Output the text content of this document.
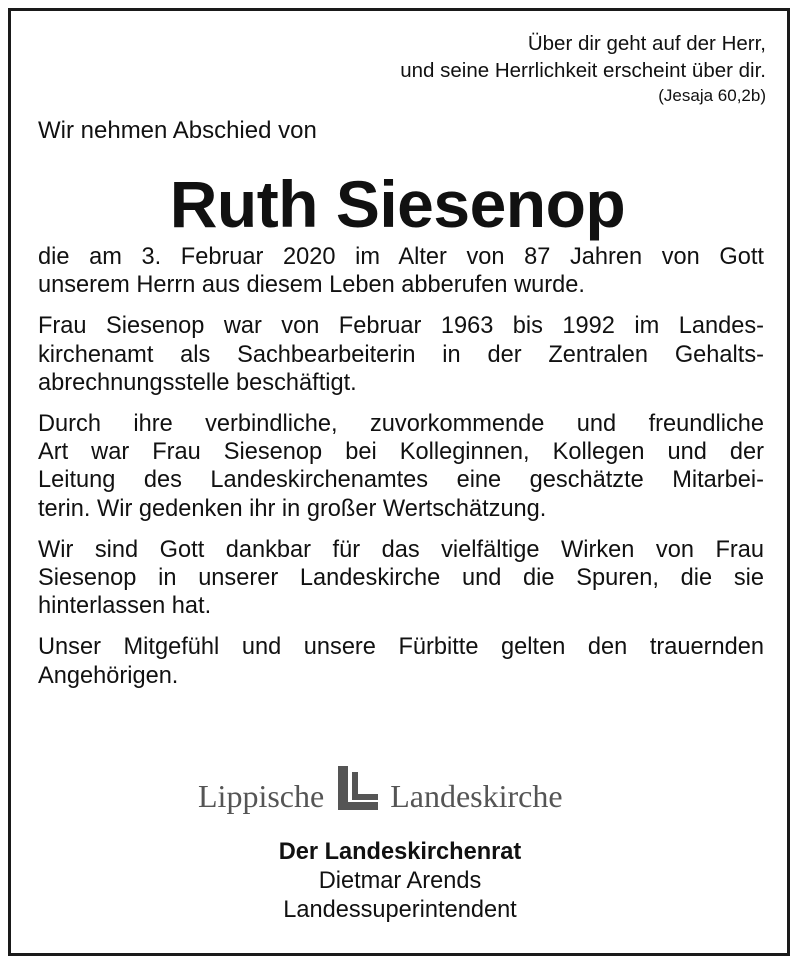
Über dir geht auf der Herr,
und seine Herrlichkeit erscheint über dir.
(Jesaja 60,2b)
Wir nehmen Abschied von
Ruth Siesenop
die am 3. Februar 2020 im Alter von 87 Jahren von Gott
unserem Herrn aus diesem Leben abberufen wurde.
Frau Siesenop war von Februar 1963 bis 1992 im Landes-
kirchenamt als Sachbearbeiterin in der Zentralen Gehalts-
abrechnungsstelle beschäftigt.
Durch ihre verbindliche, zuvorkommende und freundliche
Art war Frau Siesenop bei Kolleginnen, Kollegen und der
Leitung des Landeskirchenamtes eine geschätzte Mitarbei-
terin. Wir gedenken ihr in großer Wertschätzung.
Wir sind Gott dankbar für das vielfältige Wirken von Frau
Siesenop in unserer Landeskirche und die Spuren, die sie
hinterlassen hat.
Unser Mitgefühl und unsere Fürbitte gelten den trauernden
Angehörigen.
Lippische Landeskirche
Der Landeskirchenrat
Dietmar Arends
Landessuperintendent
